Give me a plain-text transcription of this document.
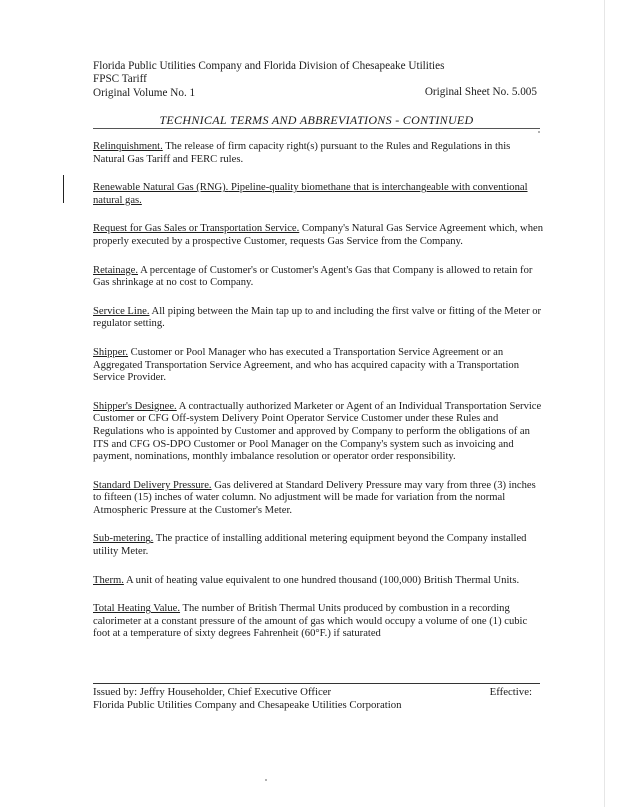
Florida Public Utilities Company and Florida Division of Chesapeake Utilities
FPSC Tariff
Original Volume No. 1	Original Sheet No. 5.005
TECHNICAL TERMS AND ABBREVIATIONS - CONTINUED

Relinquishment. The release of firm capacity right(s) pursuant to the Rules and Regulations in this Natural Gas Tariff and FERC rules.

Renewable Natural Gas (RNG). Pipeline-quality biomethane that is interchangeable with conventional natural gas.

Request for Gas Sales or Transportation Service. Company's Natural Gas Service Agreement which, when properly executed by a prospective Customer, requests Gas Service from the Company.

Retainage. A percentage of Customer's or Customer's Agent's Gas that Company is allowed to retain for Gas shrinkage at no cost to Company.

Service Line. All piping between the Main tap up to and including the first valve or fitting of the Meter or regulator setting.

Shipper. Customer or Pool Manager who has executed a Transportation Service Agreement or an Aggregated Transportation Service Agreement, and who has acquired capacity with a Transportation Service Provider.

Shipper's Designee. A contractually authorized Marketer or Agent of an Individual Transportation Service Customer or CFG Off-system Delivery Point Operator Service Customer under these Rules and Regulations who is appointed by Customer and approved by Company to perform the obligations of an ITS and CFG OS-DPO Customer or Pool Manager on the Company's system such as invoicing and payment, nominations, monthly imbalance resolution or operator order responsibility.

Standard Delivery Pressure. Gas delivered at Standard Delivery Pressure may vary from three (3) inches to fifteen (15) inches of water column. No adjustment will be made for variation from the normal Atmospheric Pressure at the Customer's Meter.

Sub-metering. The practice of installing additional metering equipment beyond the Company installed utility Meter.

Therm. A unit of heating value equivalent to one hundred thousand (100,000) British Thermal Units.

Total Heating Value. The number of British Thermal Units produced by combustion in a recording calorimeter at a constant pressure of the amount of gas which would occupy a volume of one (1) cubic foot at a temperature of sixty degrees Fahrenheit (60°F.) if saturated

Issued by: Jeffry Householder, Chief Executive Officer
Florida Public Utilities Company and Chesapeake Utilities Corporation
Effective:
